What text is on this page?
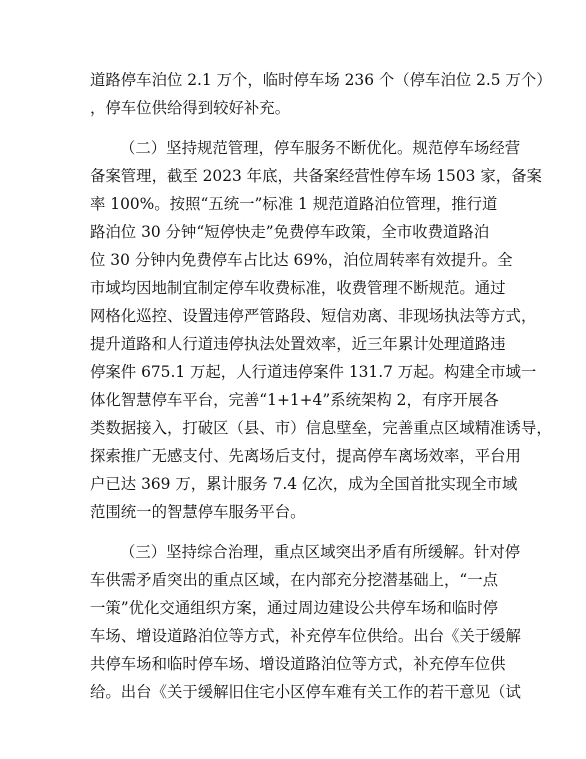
道路停车泊位 2.1 万个，临时停车场 236 个（停车泊位 2.5 万个）
，停车位供给得到较好补充。

（二）坚持规范管理，停车服务不断优化。规范停车场经营
备案管理，截至 2023 年底，共备案经营性停车场 1503 家，备案
率 100%。按照“五统一”标准 1 规范道路泊位管理，推行道
路泊位 30 分钟“短停快走”免费停车政策，全市收费道路泊
位 30 分钟内免费停车占比达 69%，泊位周转率有效提升。全
市域均因地制宜制定停车收费标准，收费管理不断规范。通过
网格化巡控、设置违停严管路段、短信劝离、非现场执法等方式，
提升道路和人行道违停执法处置效率，近三年累计处理道路违
停案件 675.1 万起，人行道违停案件 131.7 万起。构建全市域一
体化智慧停车平台，完善“1+1+4”系统架构 2，有序开展各
类数据接入，打破区（县、市）信息壁垒，完善重点区域精准诱导，
探索推广无感支付、先离场后支付，提高停车离场效率，平台用
户已达 369 万，累计服务 7.4 亿次，成为全国首批实现全市域
范围统一的智慧停车服务平台。

（三）坚持综合治理，重点区域突出矛盾有所缓解。针对停
车供需矛盾突出的重点区域，在内部充分挖潜基础上，“一点
一策”优化交通组织方案，通过周边建设公共停车场和临时停
车场、增设道路泊位等方式，补充停车位供给。出台《关于缓解
共停车场和临时停车场、增设道路泊位等方式，补充停车位供
给。出台《关于缓解旧住宅小区停车难有关工作的若干意见（试
